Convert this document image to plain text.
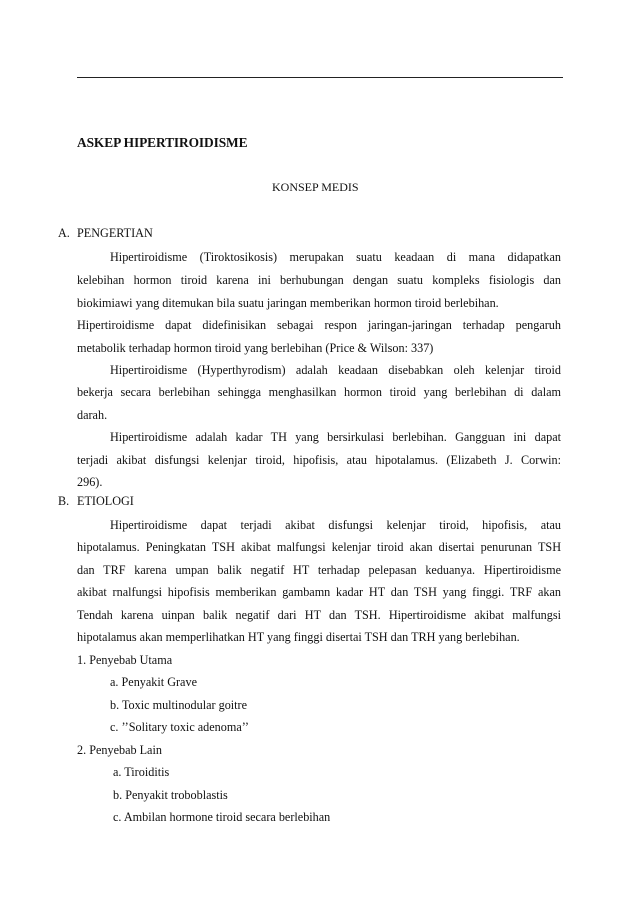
ASKEP HIPERTIROIDISME
KONSEP MEDIS
A. PENGERTIAN
Hipertiroidisme (Tiroktosikosis) merupakan suatu keadaan di mana didapatkan
kelebihan hormon tiroid karena ini berhubungan dengan suatu kompleks fisiologis dan
biokimiawi yang ditemukan bila suatu jaringan memberikan hormon tiroid berlebihan.
Hipertiroidisme dapat didefinisikan sebagai respon jaringan-jaringan terhadap pengaruh
metabolik terhadap hormon tiroid yang berlebihan (Price & Wilson: 337)
Hipertiroidisme (Hyperthyrodism) adalah keadaan disebabkan oleh kelenjar tiroid
bekerja secara berlebihan sehingga menghasilkan hormon tiroid yang berlebihan di dalam
darah.
Hipertiroidisme adalah kadar TH yang bersirkulasi berlebihan. Gangguan ini dapat
terjadi akibat disfungsi kelenjar tiroid, hipofisis, atau hipotalamus. (Elizabeth J. Corwin:
296).
B. ETIOLOGI
Hipertiroidisme dapat terjadi akibat disfungsi kelenjar tiroid, hipofisis, atau
hipotalamus. Peningkatan TSH akibat malfungsi kelenjar tiroid akan disertai penurunan TSH
dan TRF karena umpan balik negatif HT terhadap pelepasan keduanya. Hipertiroidisme
akibat rnalfungsi hipofisis memberikan gambamn kadar HT dan TSH yang finggi. TRF akan
Tendah karena uinpan balik negatif dari HT dan TSH. Hipertiroidisme akibat malfungsi
hipotalamus akan memperlihatkan HT yang finggi disertai TSH dan TRH yang berlebihan.
1. Penyebab Utama
a. Penyakit Grave
b. Toxic multinodular goitre
c. ’’Solitary toxic adenoma’’
2. Penyebab Lain
a. Tiroiditis
b. Penyakit troboblastis
c. Ambilan hormone tiroid secara berlebihan
